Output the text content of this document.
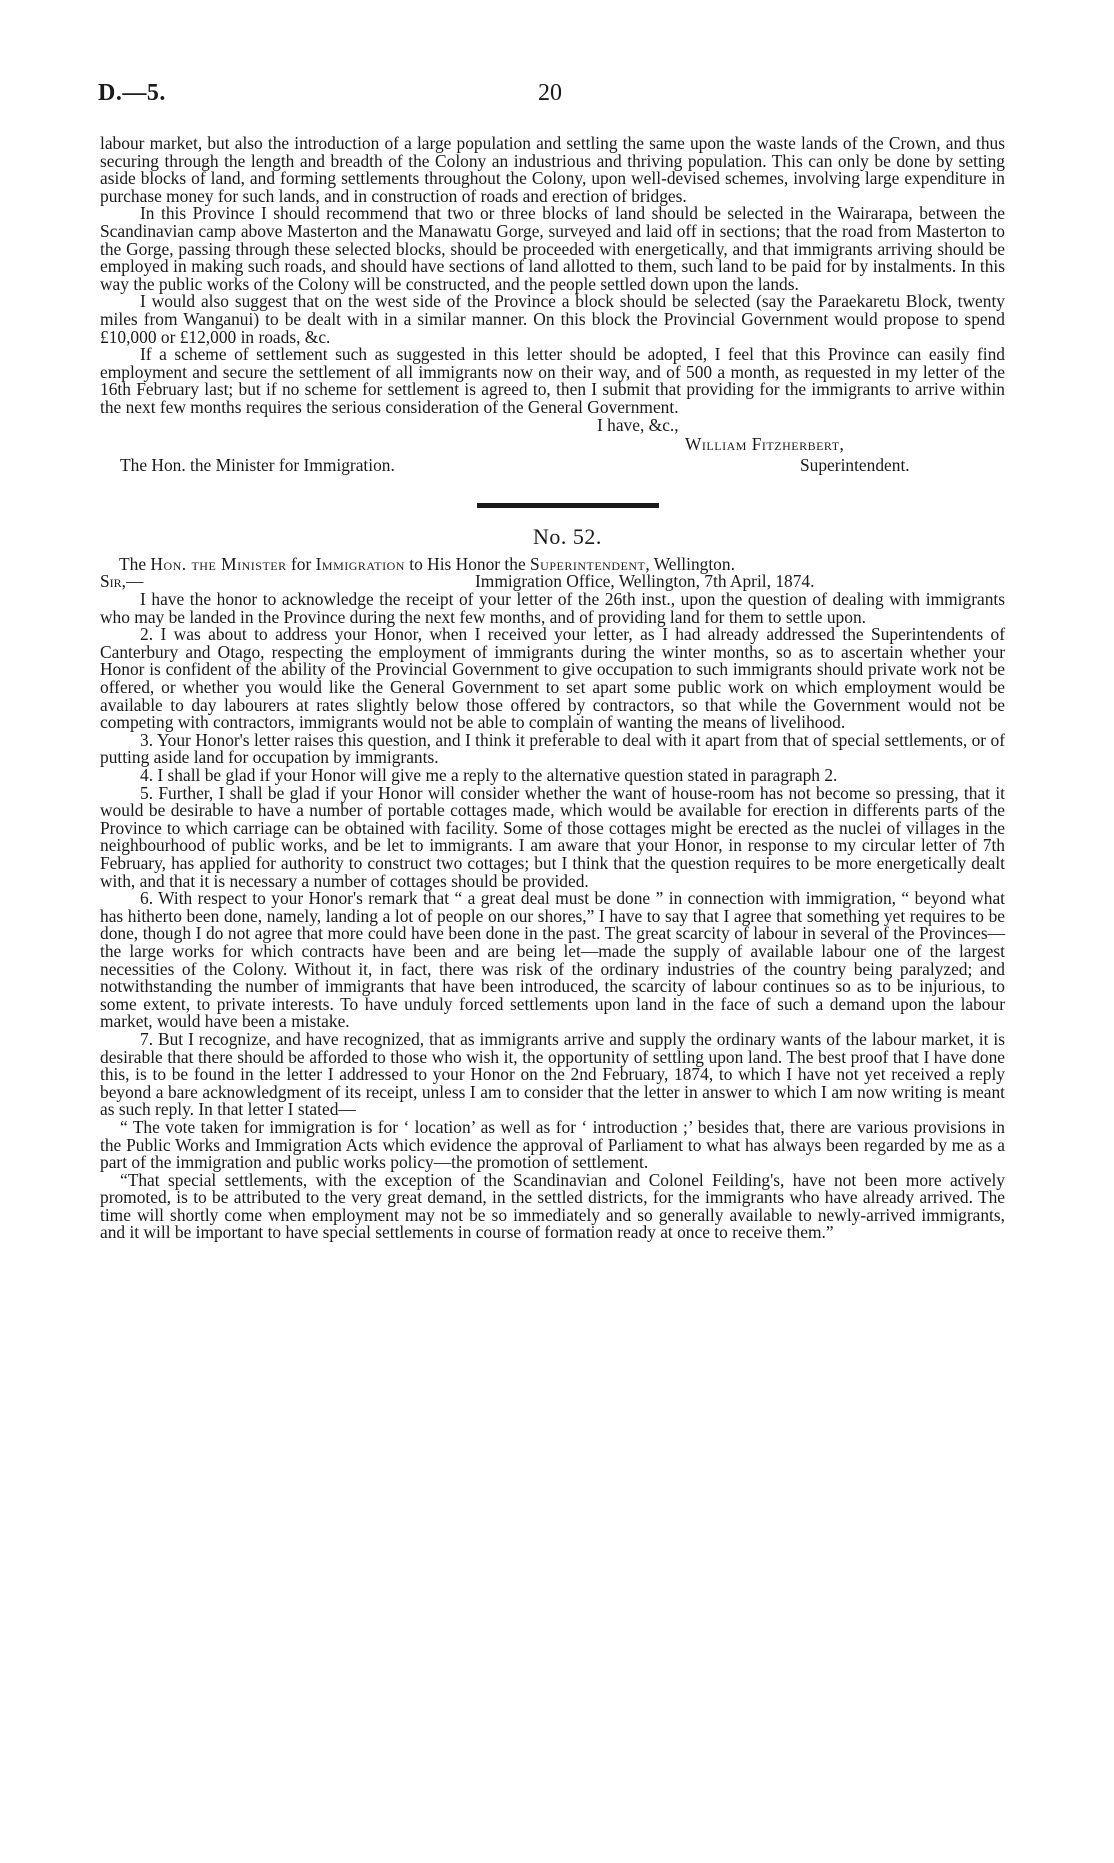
D.—5.	20

labour market, but also the introduction of a large population and settling the same upon the waste lands of the Crown, and thus securing through the length and breadth of the Colony an industrious and thriving population. This can only be done by setting aside blocks of land, and forming settlements throughout the Colony, upon well-devised schemes, involving large expenditure in purchase money for such lands, and in construction of roads and erection of bridges.

In this Province I should recommend that two or three blocks of land should be selected in the Wairarapa, between the Scandinavian camp above Masterton and the Manawatu Gorge, surveyed and laid off in sections; that the road from Masterton to the Gorge, passing through these selected blocks, should be proceeded with energetically, and that immigrants arriving should be employed in making such roads, and should have sections of land allotted to them, such land to be paid for by instalments. In this way the public works of the Colony will be constructed, and the people settled down upon the lands.

I would also suggest that on the west side of the Province a block should be selected (say the Paraekaretu Block, twenty miles from Wanganui) to be dealt with in a similar manner. On this block the Provincial Government would propose to spend £10,000 or £12,000 in roads, &c.

If a scheme of settlement such as suggested in this letter should be adopted, I feel that this Province can easily find employment and secure the settlement of all immigrants now on their way, and of 500 a month, as requested in my letter of the 16th February last; but if no scheme for settlement is agreed to, then I submit that providing for the immigrants to arrive within the next few months requires the serious consideration of the General Government.

I have, &c.,
William Fitzherbert,
The Hon. the Minister for Immigration.	Superintendent.
No. 52.

The Hon. the Minister for Immigration to His Honor the Superintendent, Wellington.

Sir,—	Immigration Office, Wellington, 7th April, 1874.

I have the honor to acknowledge the receipt of your letter of the 26th inst., upon the question of dealing with immigrants who may be landed in the Province during the next few months, and of providing land for them to settle upon.

2. I was about to address your Honor, when I received your letter, as I had already addressed the Superintendents of Canterbury and Otago, respecting the employment of immigrants during the winter months, so as to ascertain whether your Honor is confident of the ability of the Provincial Government to give occupation to such immigrants should private work not be offered, or whether you would like the General Government to set apart some public work on which employment would be available to day labourers at rates slightly below those offered by contractors, so that while the Government would not be competing with contractors, immigrants would not be able to complain of wanting the means of livelihood.

3. Your Honor's letter raises this question, and I think it preferable to deal with it apart from that of special settlements, or of putting aside land for occupation by immigrants.

4. I shall be glad if your Honor will give me a reply to the alternative question stated in paragraph 2.

5. Further, I shall be glad if your Honor will consider whether the want of house-room has not become so pressing, that it would be desirable to have a number of portable cottages made, which would be available for erection in differents parts of the Province to which carriage can be obtained with facility. Some of those cottages might be erected as the nuclei of villages in the neighbourhood of public works, and be let to immigrants. I am aware that your Honor, in response to my circular letter of 7th February, has applied for authority to construct two cottages; but I think that the question requires to be more energetically dealt with, and that it is necessary a number of cottages should be provided.

6. With respect to your Honor's remark that “ a great deal must be done ” in connection with immigration, “ beyond what has hitherto been done, namely, landing a lot of people on our shores,” I have to say that I agree that something yet requires to be done, though I do not agree that more could have been done in the past. The great scarcity of labour in several of the Provinces—the large works for which contracts have been and are being let—made the supply of available labour one of the largest necessities of the Colony. Without it, in fact, there was risk of the ordinary industries of the country being paralyzed; and notwithstanding the number of immigrants that have been introduced, the scarcity of labour continues so as to be injurious, to some extent, to private interests. To have unduly forced settlements upon land in the face of such a demand upon the labour market, would have been a mistake.

7. But I recognize, and have recognized, that as immigrants arrive and supply the ordinary wants of the labour market, it is desirable that there should be afforded to those who wish it, the opportunity of settling upon land. The best proof that I have done this, is to be found in the letter I addressed to your Honor on the 2nd February, 1874, to which I have not yet received a reply beyond a bare acknowledgment of its receipt, unless I am to consider that the letter in answer to which I am now writing is meant as such reply. In that letter I stated—

“ The vote taken for immigration is for ‘ location’ as well as for ‘ introduction ;’ besides that, there are various provisions in the Public Works and Immigration Acts which evidence the approval of Parliament to what has always been regarded by me as a part of the immigration and public works policy—the promotion of settlement.

“That special settlements, with the exception of the Scandinavian and Colonel Feilding's, have not been more actively promoted, is to be attributed to the very great demand, in the settled districts, for the immigrants who have already arrived. The time will shortly come when employment may not be so immediately and so generally available to newly-arrived immigrants, and it will be important to have special settlements in course of formation ready at once to receive them.”
